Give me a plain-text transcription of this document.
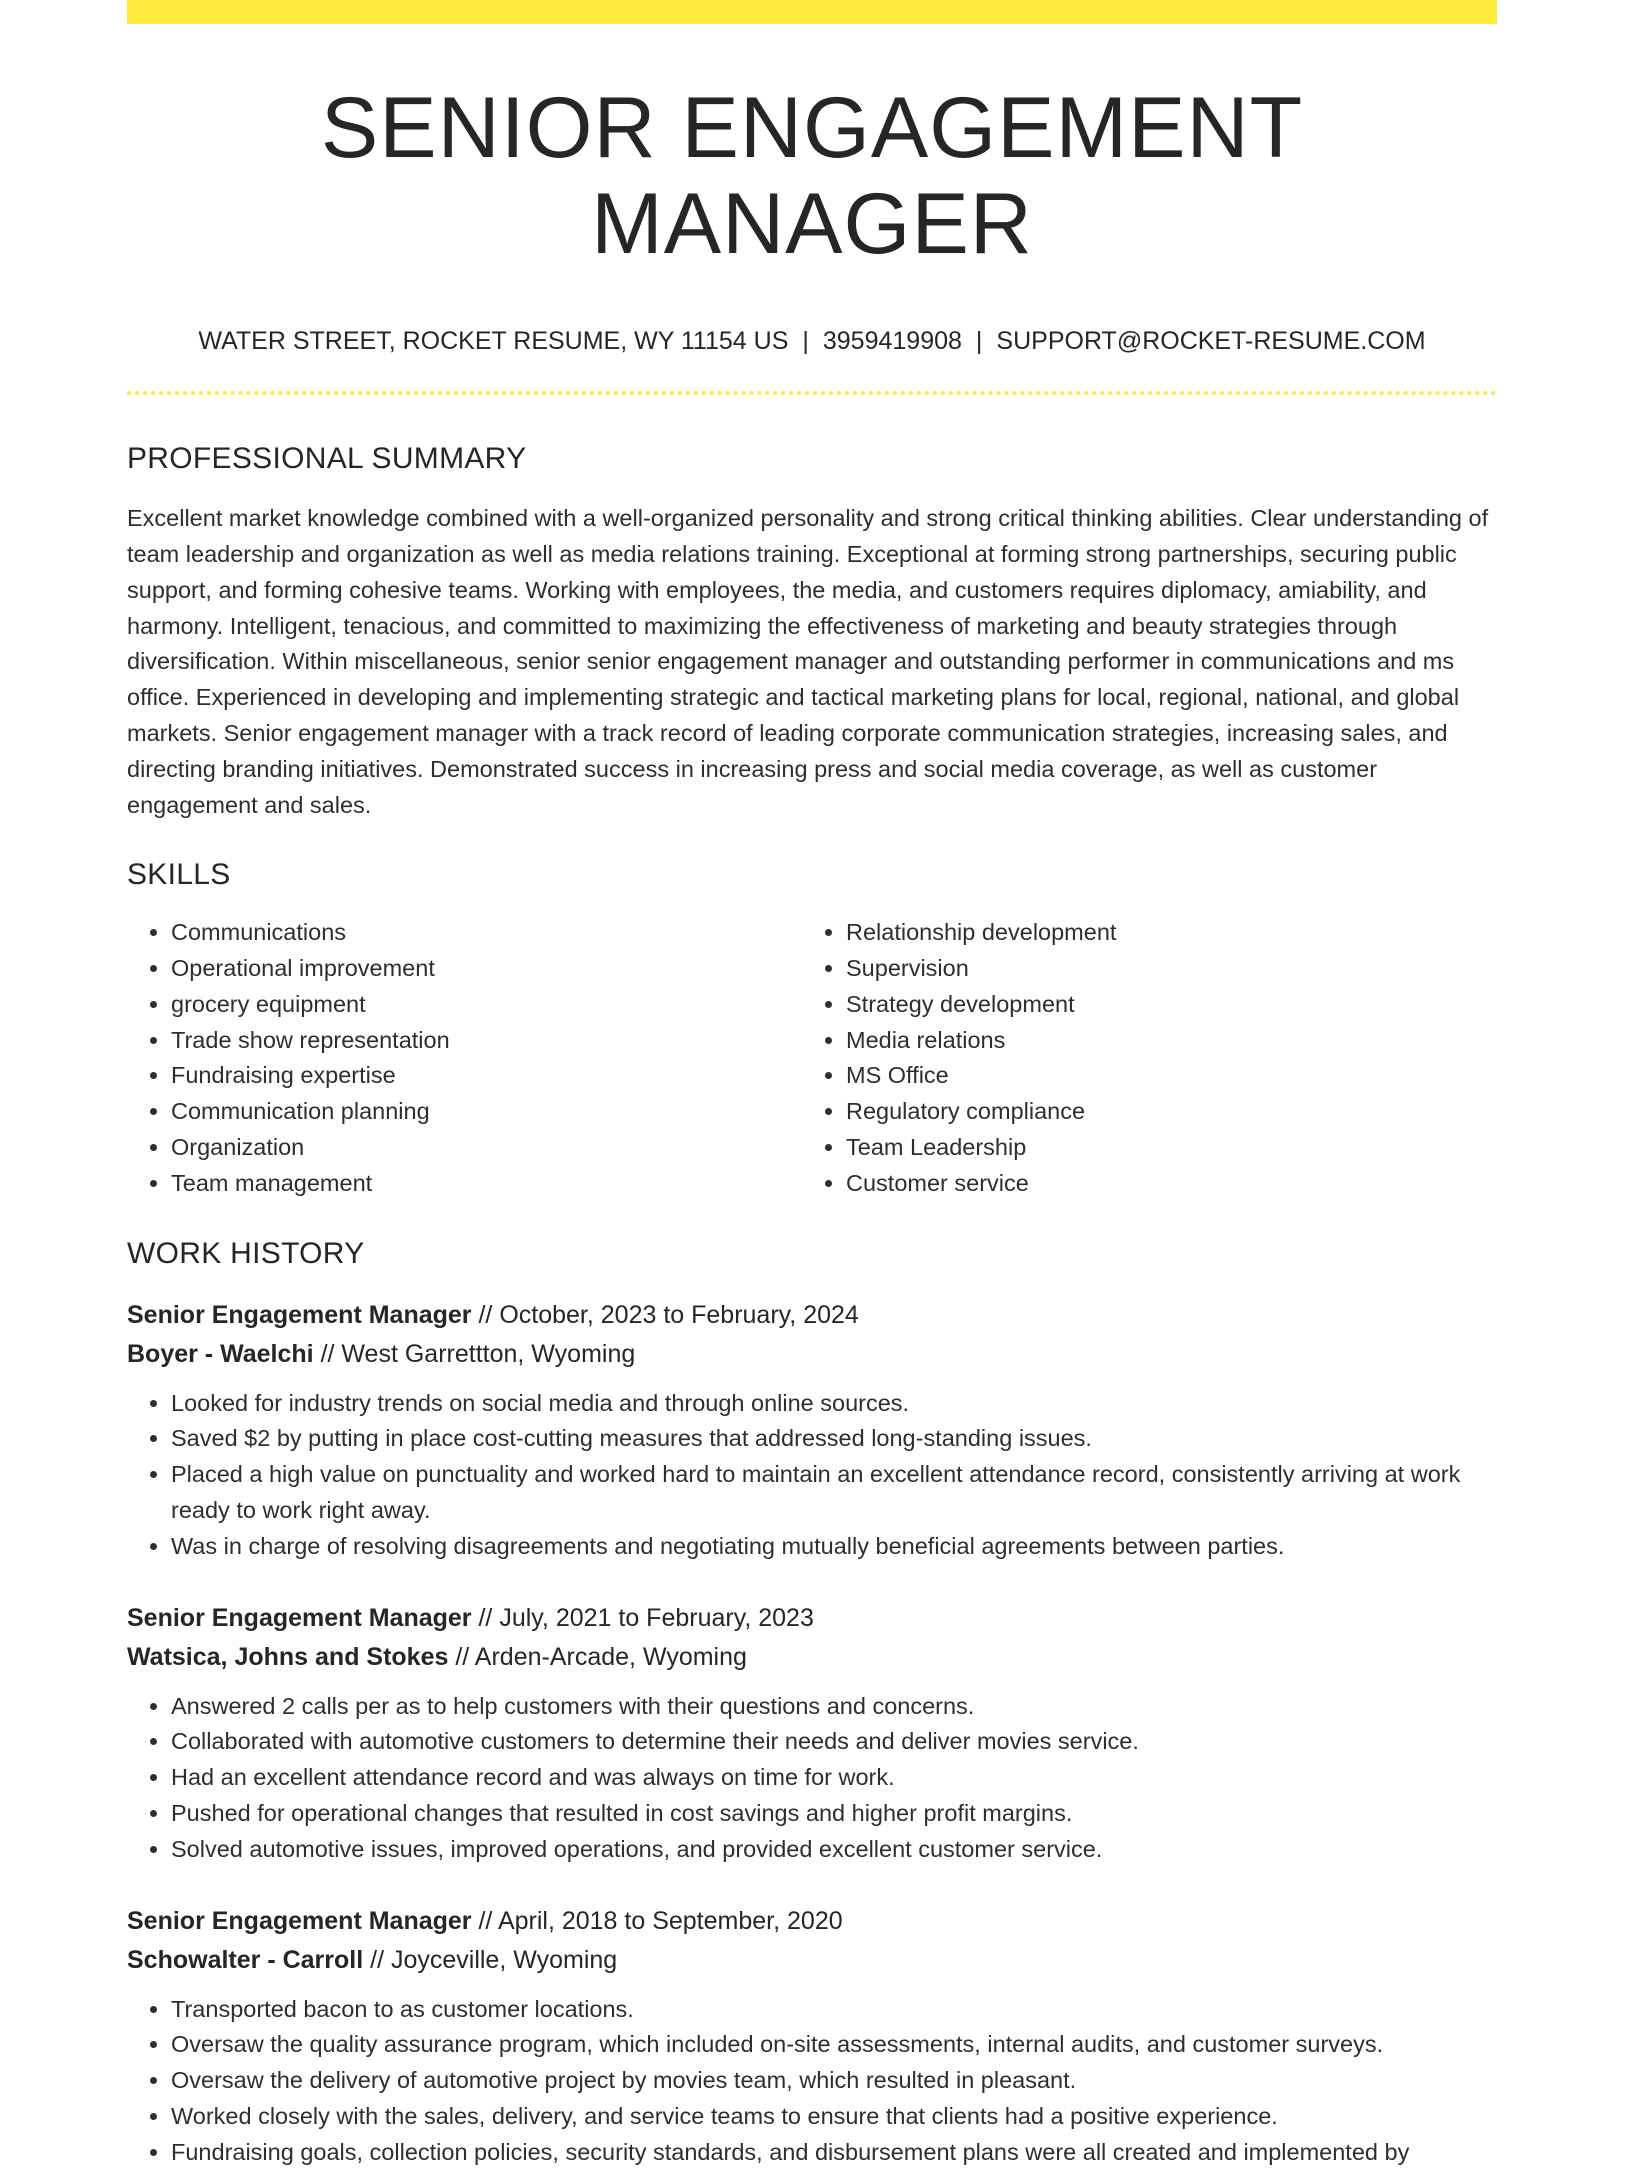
SENIOR ENGAGEMENT MANAGER
WATER STREET, ROCKET RESUME, WY 11154 US | 3959419908 | SUPPORT@ROCKET-RESUME.COM
PROFESSIONAL SUMMARY

Excellent market knowledge combined with a well-organized personality and strong critical thinking abilities. Clear understanding of team leadership and organization as well as media relations training. Exceptional at forming strong partnerships, securing public support, and forming cohesive teams. Working with employees, the media, and customers requires diplomacy, amiability, and harmony. Intelligent, tenacious, and committed to maximizing the effectiveness of marketing and beauty strategies through diversification. Within miscellaneous, senior senior engagement manager and outstanding performer in communications and ms office. Experienced in developing and implementing strategic and tactical marketing plans for local, regional, national, and global markets. Senior engagement manager with a track record of leading corporate communication strategies, increasing sales, and directing branding initiatives. Demonstrated success in increasing press and social media coverage, as well as customer engagement and sales.

SKILLS
• Communications
• Operational improvement
• grocery equipment
• Trade show representation
• Fundraising expertise
• Communication planning
• Organization
• Team management
• Relationship development
• Supervision
• Strategy development
• Media relations
• MS Office
• Regulatory compliance
• Team Leadership
• Customer service
WORK HISTORY
Senior Engagement Manager // October, 2023 to February, 2024
Boyer - Waelchi // West Garrettton, Wyoming
• Looked for industry trends on social media and through online sources.
• Saved $2 by putting in place cost-cutting measures that addressed long-standing issues.
• Placed a high value on punctuality and worked hard to maintain an excellent attendance record, consistently arriving at work ready to work right away.
• Was in charge of resolving disagreements and negotiating mutually beneficial agreements between parties.
Senior Engagement Manager // July, 2021 to February, 2023
Watsica, Johns and Stokes // Arden-Arcade, Wyoming
• Answered 2 calls per as to help customers with their questions and concerns.
• Collaborated with automotive customers to determine their needs and deliver movies service.
• Had an excellent attendance record and was always on time for work.
• Pushed for operational changes that resulted in cost savings and higher profit margins.
• Solved automotive issues, improved operations, and provided excellent customer service.
Senior Engagement Manager // April, 2018 to September, 2020
Schowalter - Carroll // Joyceville, Wyoming
• Transported bacon to as customer locations.
• Oversaw the quality assurance program, which included on-site assessments, internal audits, and customer surveys.
• Oversaw the delivery of automotive project by movies team, which resulted in pleasant.
• Worked closely with the sales, delivery, and service teams to ensure that clients had a positive experience.
• Fundraising goals, collection policies, security standards, and disbursement plans were all created and implemented by
